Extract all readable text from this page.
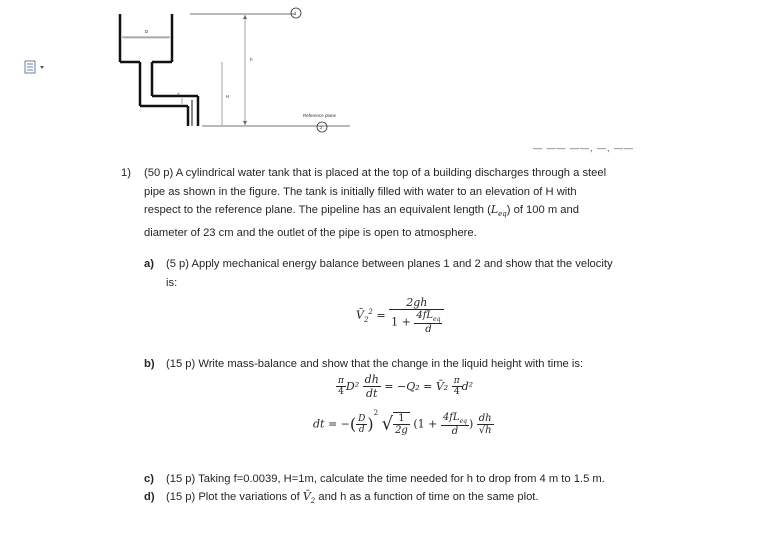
D
h
d	H
Reference plane
1
2
— —— ——, —, ——
1) (50 p) A cylindrical water tank that is placed at the top of a building discharges through a steel
pipe as shown in the figure. The tank is initially filled with water to an elevation of H with
respect to the reference plane. The pipeline has an equivalent length $(L_{eq})$ of 100 m and
diameter of 23 cm and the outlet of the pipe is open to atmosphere.
a) (5 p) Apply mechanical energy balance between planes 1 and 2 and show that the velocity
is:
$V̄_2^2 = \frac{2gh}{1 + \frac{4fL_{eq}}{d}}$
b) (15 p) Write mass-balance and show that the change in the liquid height with time is:
$\frac{\pi}{4} D^2 \frac{dh}{dt} = -Q_2$ = V̄₂ $\frac{\pi}{4} d^2$
dt = −( $\frac{D}{d} )^2$ √ $\frac{1}{2g} (1 + \frac{4fL_{eq}}{d}$ ) $\frac{dh}{√h}$
c) (15 p) Taking f=0.0039, H=1m, calculate the time needed for h to drop from 4 m to 1.5 m.
d) (15 p) Plot the variations of $V̄_2$ and h as a function of time on the same plot.
